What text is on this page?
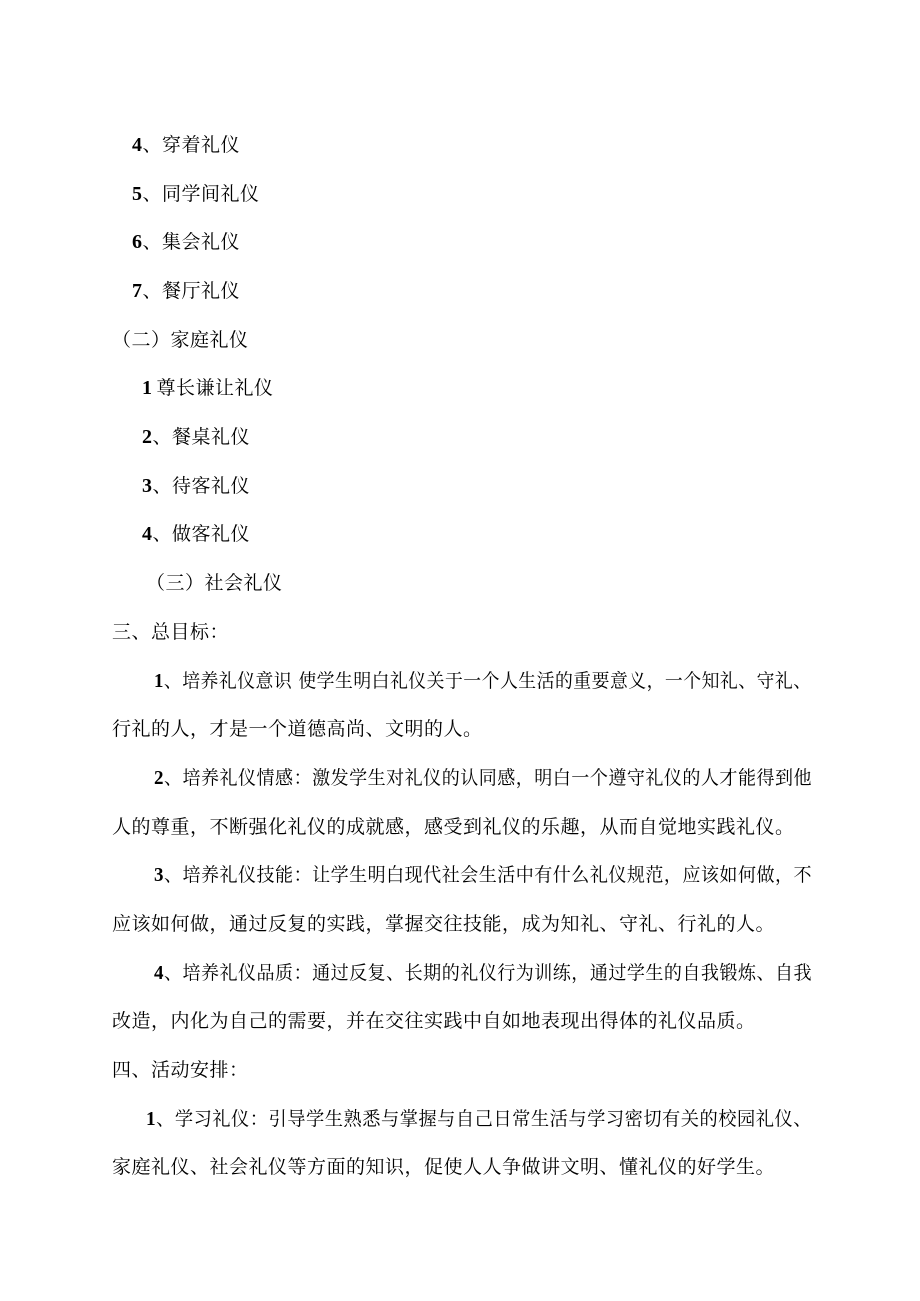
4、穿着礼仪
5、同学间礼仪
6、集会礼仪
7、餐厅礼仪
（二）家庭礼仪
1 尊长谦让礼仪
2、餐桌礼仪
3、待客礼仪
4、做客礼仪
（三）社会礼仪
三、总目标：
1、培养礼仪意识 使学生明白礼仪关于一个人生活的重要意义，一个知礼、守礼、
行礼的人，才是一个道德高尚、文明的人。
2、培养礼仪情感：激发学生对礼仪的认同感，明白一个遵守礼仪的人才能得到他
人的尊重，不断强化礼仪的成就感，感受到礼仪的乐趣，从而自觉地实践礼仪。
3、培养礼仪技能：让学生明白现代社会生活中有什么礼仪规范，应该如何做，不
应该如何做，通过反复的实践，掌握交往技能，成为知礼、守礼、行礼的人。
4、培养礼仪品质：通过反复、长期的礼仪行为训练，通过学生的自我锻炼、自我
改造，内化为自己的需要，并在交往实践中自如地表现出得体的礼仪品质。
四、活动安排：
1、学习礼仪：引导学生熟悉与掌握与自己日常生活与学习密切有关的校园礼仪、
家庭礼仪、社会礼仪等方面的知识，促使人人争做讲文明、懂礼仪的好学生。
